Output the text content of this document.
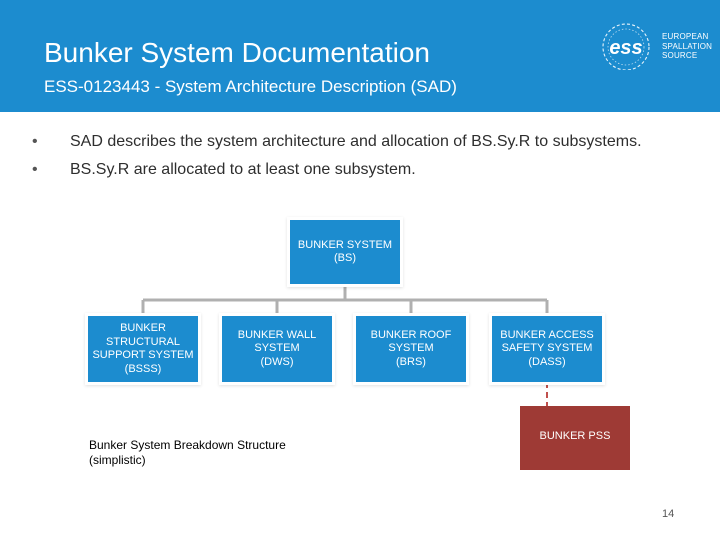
Bunker System Documentation
ESS-0123443 - System Architecture Description (SAD)
ess
EUROPEAN
SPALLATION
SOURCE
• SAD describes the system architecture and allocation of BS.Sy.R to subsystems.
• BS.Sy.R are allocated to at least one subsystem.
BUNKER SYSTEM
(BS)
BUNKER
STRUCTURAL
SUPPORT SYSTEM
(BSSS)
BUNKER WALL
SYSTEM
(DWS)
BUNKER ROOF
SYSTEM
(BRS)
BUNKER ACCESS
SAFETY SYSTEM
(DASS)
BUNKER PSS
Bunker System Breakdown Structure
(simplistic)
14
